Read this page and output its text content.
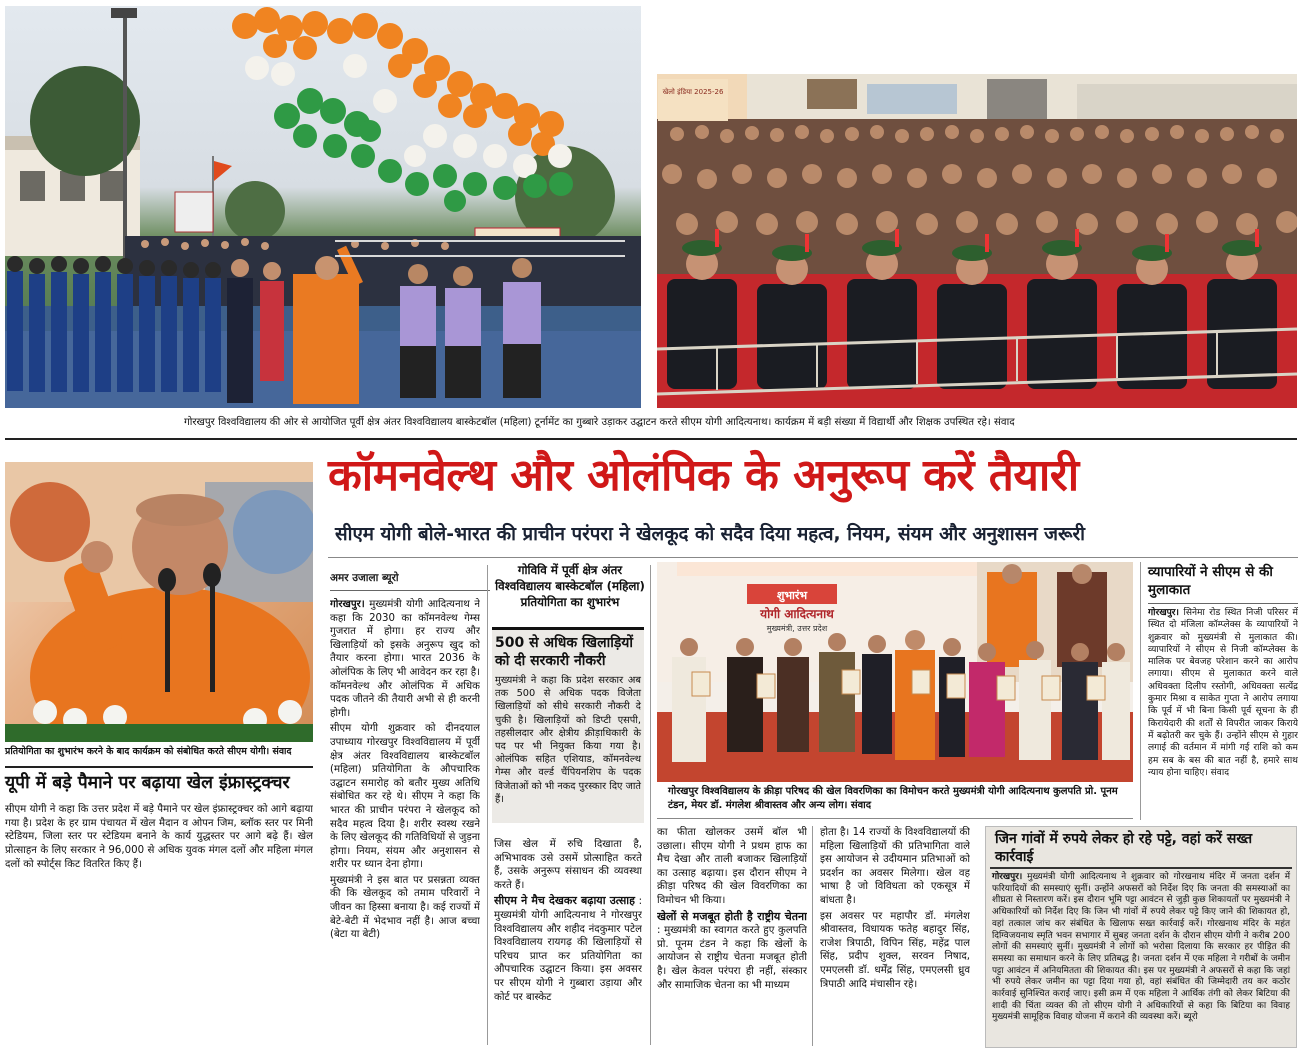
खेलो इंडिया 2025-26
गोरखपुर विश्वविद्यालय की ओर से आयोजित पूर्वी क्षेत्र अंतर विश्वविद्यालय बास्केटबॉल (महिला) टूर्नामेंट का गुब्बारे उड़ाकर उद्घाटन करते सीएम योगी आदित्यनाथ। कार्यक्रम में बड़ी संख्या में विद्यार्थी और शिक्षक उपस्थित रहे। संवाद
प्रतियोगिता का शुभारंभ करने के बाद कार्यक्रम को संबोधित करते सीएम योगी। संवाद
यूपी में बड़े पैमाने पर बढ़ाया खेल इंफ्रास्ट्रक्चर
सीएम योगी ने कहा कि उत्तर प्रदेश में बड़े पैमाने पर खेल इंफ्रास्ट्रक्चर को आगे बढ़ाया गया है। प्रदेश के हर ग्राम पंचायत में खेल मैदान व ओपन जिम, ब्लॉक स्तर पर मिनी स्टेडियम, जिला स्तर पर स्टेडियम बनाने के कार्य युद्धस्तर पर आगे बढ़े हैं। खेल प्रोत्साहन के लिए सरकार ने 96,000 से अधिक युवक मंगल दलों और महिला मंगल दलों को स्पोर्ट्स किट वितरित किए हैं।
कॉमनवेल्थ और ओलंपिक के अनुरूप करें तैयारी
सीएम योगी बोले-भारत की प्राचीन परंपरा ने खेलकूद को सदैव दिया महत्व, नियम, संयम और अनुशासन जरूरी
अमर उजाला ब्यूरो

गोरखपुर। मुख्यमंत्री योगी आदित्यनाथ ने कहा कि 2030 का कॉमनवेल्थ गेम्स गुजरात में होगा। हर राज्य और खिलाड़ियों को इसके अनुरूप खुद को तैयार करना होगा। भारत 2036 के ओलंपिक के लिए भी आवेदन कर रहा है। कॉमनवेल्थ और ओलंपिक में अधिक पदक जीतने की तैयारी अभी से ही करनी होगी।

सीएम योगी शुक्रवार को दीनदयाल उपाध्याय गोरखपुर विश्वविद्यालय में पूर्वी क्षेत्र अंतर विश्वविद्यालय बास्केटबॉल (महिला) प्रतियोगिता के औपचारिक उद्घाटन समारोह को बतौर मुख्य अतिथि संबोधित कर रहे थे। सीएम ने कहा कि भारत की प्राचीन परंपरा ने खेलकूद को सदैव महत्व दिया है। शरीर स्वस्थ रखने के लिए खेलकूद की गतिविधियों से जुड़ना होगा। नियम, संयम और अनुशासन से शरीर पर ध्यान देना होगा।

मुख्यमंत्री ने इस बात पर प्रसन्नता व्यक्त की कि खेलकूद को तमाम परिवारों ने जीवन का हिस्सा बनाया है। कई राज्यों में बेटे-बेटी में भेदभाव नहीं है। आज बच्चा (बेटा या बेटी)

गोविवि में पूर्वी क्षेत्र अंतर विश्वविद्यालय बास्केटबॉल (महिला) प्रतियोगिता का शुभारंभ
500 से अधिक खिलाड़ियों को दी सरकारी नौकरी
मुख्यमंत्री ने कहा कि प्रदेश सरकार अब तक 500 से अधिक पदक विजेता खिलाड़ियों को सीधे सरकारी नौकरी दे चुकी है। खिलाड़ियों को डिप्टी एसपी, तहसीलदार और क्षेत्रीय क्रीड़ाधिकारी के पद पर भी नियुक्त किया गया है। ओलंपिक सहित एशियाड, कॉमनवेल्थ गेम्स और वर्ल्ड चैंपियनशिप के पदक विजेताओं को भी नकद पुरस्कार दिए जाते हैं।

जिस खेल में रुचि दिखाता है, अभिभावक उसे उसमें प्रोत्साहित करते हैं, उसके अनुरूप संसाधन की व्यवस्था करते हैं।

सीएम ने मैच देखकर बढ़ाया उत्साह : मुख्यमंत्री योगी आदित्यनाथ ने गोरखपुर विश्वविद्यालय और शहीद नंदकुमार पटेल विश्वविद्यालय रायगढ़ की खिलाड़ियों से परिचय प्राप्त कर प्रतियोगिता का औपचारिक उद्घाटन किया। इस अवसर पर सीएम योगी ने गुब्बारा उड़ाया और कोर्ट पर बास्केट

शुभारंभ
योगी आदित्यनाथ
मुख्यमंत्री, उत्तर प्रदेश
गोरखपुर विश्वविद्यालय के क्रीड़ा परिषद की खेल विवरणिका का विमोचन करते मुख्यमंत्री योगी आदित्यनाथ कुलपति प्रो. पूनम टंडन, मेयर डॉ. मंगलेश श्रीवास्तव और अन्य लोग। संवाद

का फीता खोलकर उसमें बॉल भी उछाला। सीएम योगी ने प्रथम हाफ का मैच देखा और ताली बजाकर खिलाड़ियों का उत्साह बढ़ाया। इस दौरान सीएम ने क्रीड़ा परिषद की खेल विवरणिका का विमोचन भी किया।

खेलों से मजबूत होती है राष्ट्रीय चेतना : मुख्यमंत्री का स्वागत करते हुए कुलपति प्रो. पूनम टंडन ने कहा कि खेलों के आयोजन से राष्ट्रीय चेतना मजबूत होती है। खेल केवल परंपरा ही नहीं, संस्कार और सामाजिक चेतना का भी माध्यम

होता है। 14 राज्यों के विश्वविद्यालयों की महिला खिलाड़ियों की प्रतिभागिता वाले इस आयोजन से उदीयमान प्रतिभाओं को प्रदर्शन का अवसर मिलेगा। खेल वह भाषा है जो विविधता को एकसूत्र में बांधता है।

इस अवसर पर महापौर डॉ. मंगलेश श्रीवास्तव, विधायक फतेह बहादुर सिंह, राजेश त्रिपाठी, विपिन सिंह, महेंद्र पाल सिंह, प्रदीप शुक्ल, सरवन निषाद, एमएलसी डॉ. धर्मेंद्र सिंह, एमएलसी ध्रुव त्रिपाठी आदि मंचासीन रहे।

व्यापारियों ने सीएम से की मुलाकात
गोरखपुर। सिनेमा रोड स्थित निजी परिसर में स्थित दो मंजिला कॉम्प्लेक्स के व्यापारियों ने शुक्रवार को मुख्यमंत्री से मुलाकात की। व्यापारियों ने सीएम से निजी कॉम्प्लेक्स के मालिक पर बेवजह परेशान करने का आरोप लगाया। सीएम से मुलाकात करने वाले अधिवक्ता दिलीप रस्तोगी, अधिवक्ता सत्येंद्र कुमार मिश्रा व साकेत गुप्ता ने आरोप लगाया कि पूर्व में भी बिना किसी पूर्व सूचना के ही किरायेदारी की शर्तों से विपरीत जाकर किराये में बढ़ोतरी कर चुके हैं। उन्होंने सीएम से गुहार लगाई की वर्तमान में मांगी गई राशि को कम हम सब के बस की बात नहीं है, हमारे साथ न्याय होना चाहिए। संवाद
जिन गांवों में रुपये लेकर हो रहे पट्टे, वहां करें सख्त कार्रवाई
गोरखपुर। मुख्यमंत्री योगी आदित्यनाथ ने शुक्रवार को गोरखनाथ मंदिर में जनता दर्शन में फरियादियों की समस्याएं सुनीं। उन्होंने अफसरों को निर्देश दिए कि जनता की समस्याओं का शीघ्रता से निस्तारण करें। इस दौरान भूमि पट्टा आवंटन से जुड़ी कुछ शिकायतों पर मुख्यमंत्री ने अधिकारियों को निर्देश दिए कि जिन भी गांवों में रुपये लेकर पट्टे किए जाने की शिकायत हो, वहां तत्काल जांच कर संबंधित के खिलाफ सख्त कार्रवाई करें। गोरखनाथ मंदिर के महंत दिग्विजयनाथ स्मृति भवन सभागार में सुबह जनता दर्शन के दौरान सीएम योगी ने करीब 200 लोगों की समस्याएं सुनीं। मुख्यमंत्री ने लोगों को भरोसा दिलाया कि सरकार हर पीड़ित की समस्या का समाधान करने के लिए प्रतिबद्ध है। जनता दर्शन में एक महिला ने गरीबों के जमीन पट्टा आवंटन में अनियमितता की शिकायत की। इस पर मुख्यमंत्री ने अफसरों से कहा कि जहां भी रुपये लेकर जमीन का पट्टा दिया गया हो, वहां संबंधित की जिम्मेदारी तय कर कठोर कार्रवाई सुनिश्चित कराई जाए। इसी क्रम में एक महिला ने आर्थिक तंगी को लेकर बिटिया की शादी की चिंता व्यक्त की तो सीएम योगी ने अधिकारियों से कहा कि बिटिया का विवाह मुख्यमंत्री सामूहिक विवाह योजना में कराने की व्यवस्था करें। ब्यूरो
